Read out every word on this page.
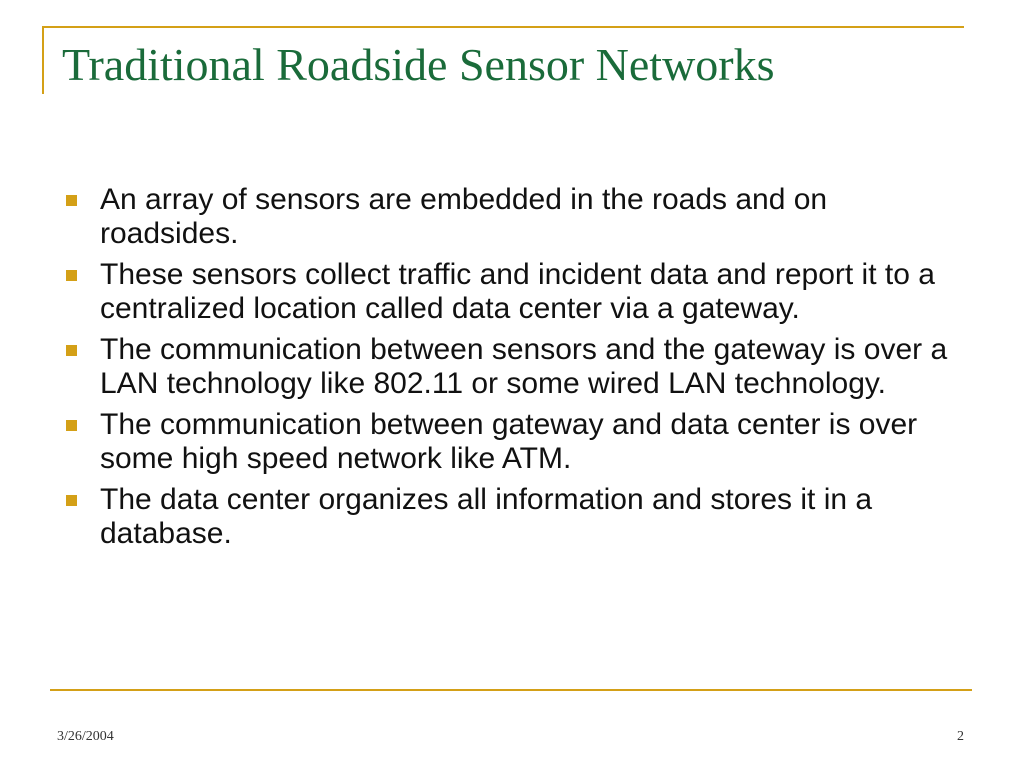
Traditional Roadside Sensor Networks
An array of sensors are embedded in the roads and on roadsides.
These sensors collect traffic and incident data and report it to a centralized location called data center via a gateway.
The communication between sensors and the gateway is over a LAN technology like 802.11 or some wired LAN technology.
The communication between gateway and data center is over some high speed network like ATM.
The data center organizes all information and stores it in a database.
3/26/2004	2
